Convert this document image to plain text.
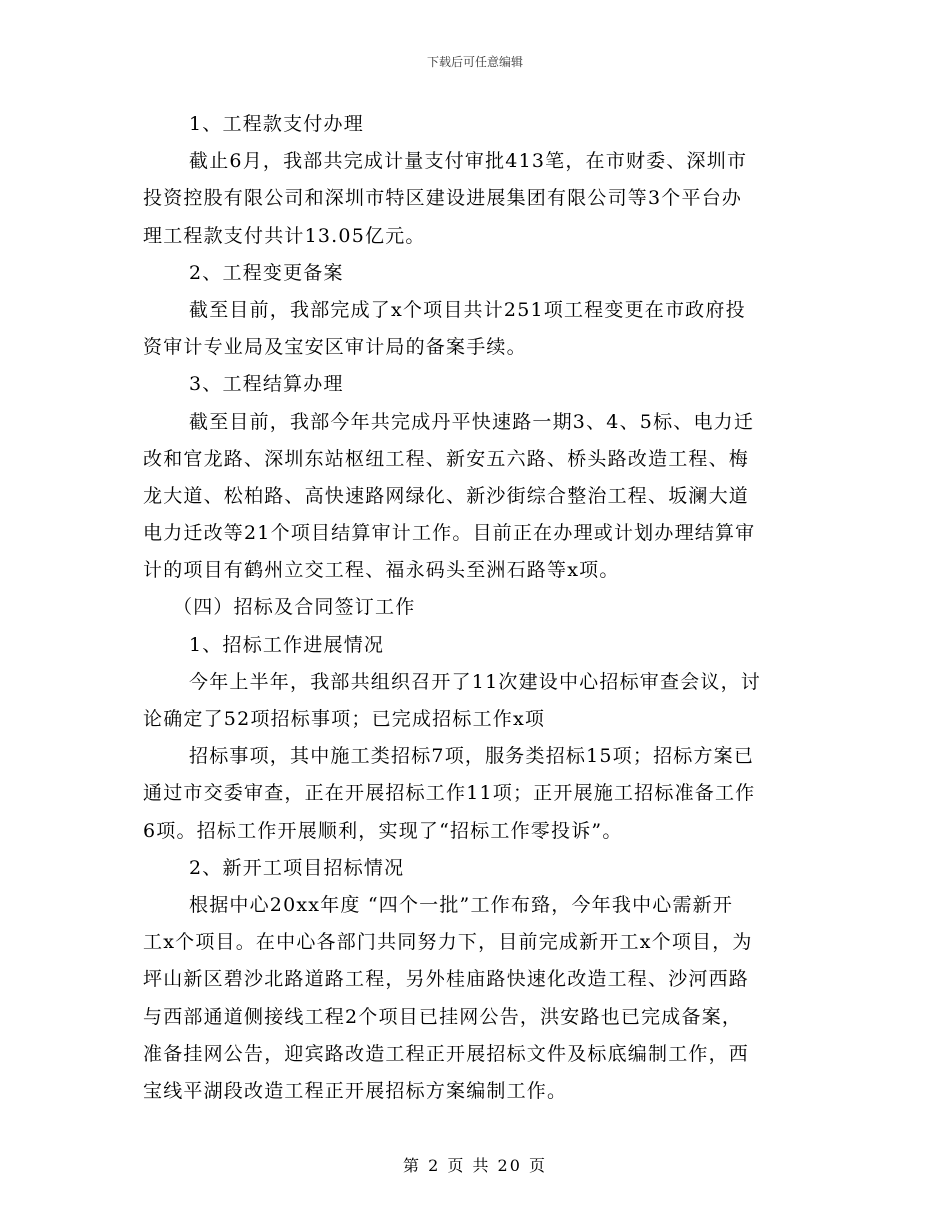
下载后可任意编辑
1、工程款支付办理
截止6月，我部共完成计量支付审批413笔，在市财委、深圳市
投资控股有限公司和深圳市特区建设进展集团有限公司等3个平台办
理工程款支付共计13.05亿元。
2、工程变更备案
截至目前，我部完成了x个项目共计251项工程变更在市政府投
资审计专业局及宝安区审计局的备案手续。
3、工程结算办理
截至目前，我部今年共完成丹平快速路一期3、4、5标、电力迁
改和官龙路、深圳东站枢纽工程、新安五六路、桥头路改造工程、梅
龙大道、松柏路、高快速路网绿化、新沙街综合整治工程、坂澜大道
电力迁改等21个项目结算审计工作。目前正在办理或计划办理结算审
计的项目有鹤州立交工程、福永码头至洲石路等x项。
（四）招标及合同签订工作
1、招标工作进展情况
今年上半年，我部共组织召开了11次建设中心招标审查会议，讨
论确定了52项招标事项；已完成招标工作x项
招标事项，其中施工类招标7项，服务类招标15项；招标方案已
通过市交委审查，正在开展招标工作11项；正开展施工招标准备工作
6项。招标工作开展顺利，实现了“招标工作零投诉”。
2、新开工项目招标情况
根据中心20xx年度 “四个一批”工作布臵，今年我中心需新开
工x个项目。在中心各部门共同努力下，目前完成新开工x个项目，为
坪山新区碧沙北路道路工程，另外桂庙路快速化改造工程、沙河西路
与西部通道侧接线工程2个项目已挂网公告，洪安路也已完成备案，
准备挂网公告，迎宾路改造工程正开展招标文件及标底编制工作，西
宝线平湖段改造工程正开展招标方案编制工作。
第 2 页 共 20 页
